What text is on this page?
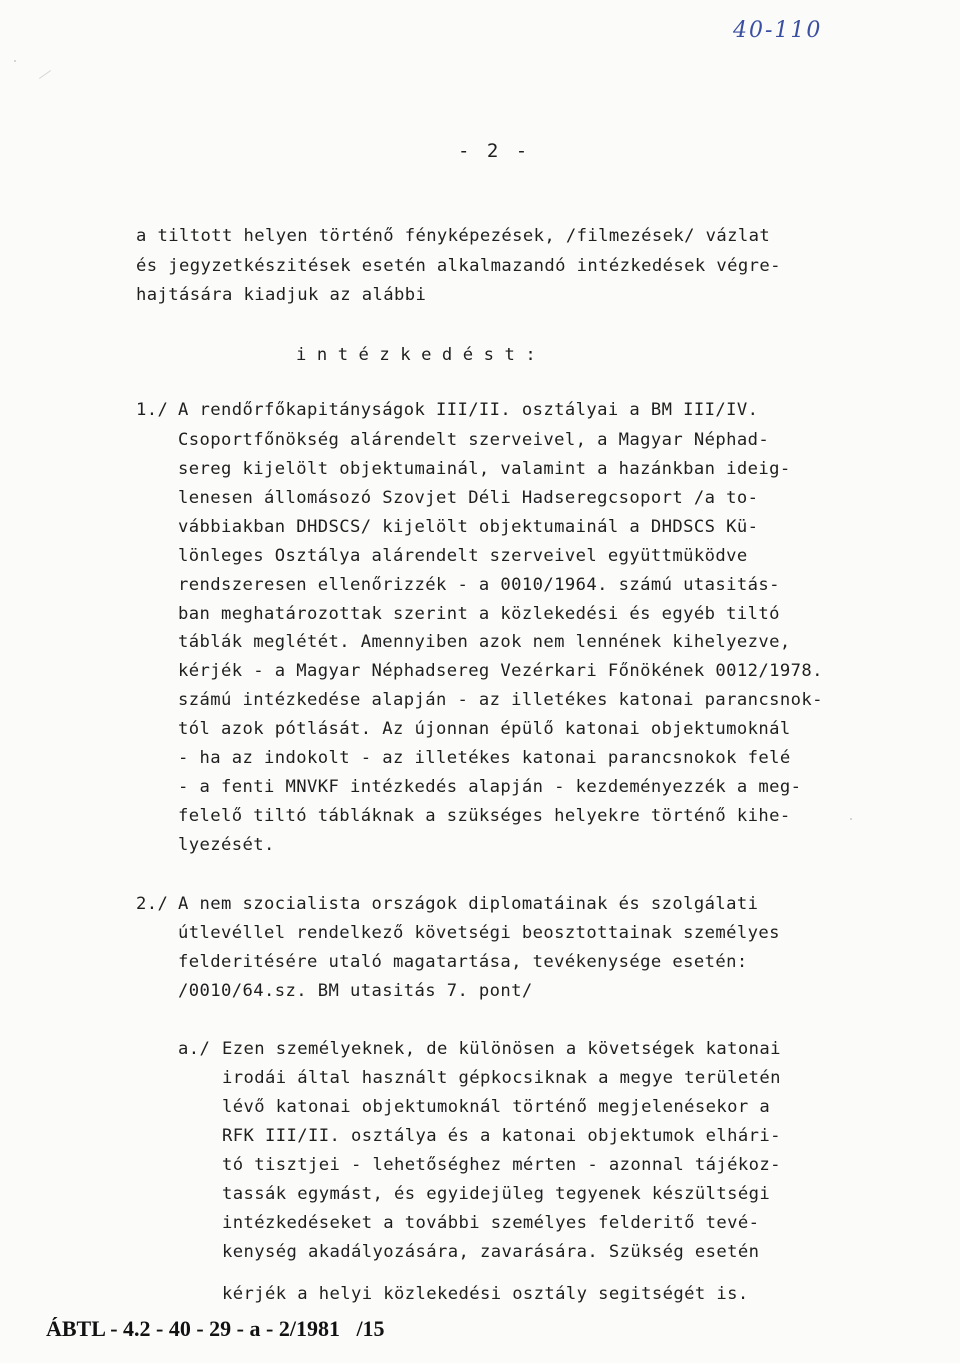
40-110
- 2 -
a tiltott helyen történő fényképezések, /filmezések/ vázlat
és jegyzetkészitések esetén alkalmazandó intézkedések végre-
hajtására kiadjuk az alábbi
intézkedést:
1./ A rendőrfőkapitányságok III/II. osztályai a BM III/IV.
Csoportfőnökség alárendelt szerveivel, a Magyar Néphad-
sereg kijelölt objektumainál, valamint a hazánkban ideig-
lenesen állomásozó Szovjet Déli Hadseregcsoport /a to-
vábbiakban DHDSCS/ kijelölt objektumainál a DHDSCS Kü-
lönleges Osztálya alárendelt szerveivel együttmüködve
rendszeresen ellenőrizzék - a 0010/1964. számú utasitás-
ban meghatározottak szerint a közlekedési és egyéb tiltó
táblák meglétét. Amennyiben azok nem lennének kihelyezve,
kérjék - a Magyar Néphadsereg Vezérkari Főnökének 0012/1978.
számú intézkedése alapján - az illetékes katonai parancsnok-
tól azok pótlását. Az újonnan épülő katonai objektumoknál
- ha az indokolt - az illetékes katonai parancsnokok felé
- a fenti MNVKF intézkedés alapján - kezdeményezzék a meg-
felelő tiltó tábláknak a szükséges helyekre történő kihe-
lyezését.
2./ A nem szocialista országok diplomatáinak és szolgálati
útlevéllel rendelkező követségi beosztottainak személyes
felderitésére utaló magatartása, tevékenysége esetén:
/0010/64.sz. BM utasitás 7. pont/
a./ Ezen személyeknek, de különösen a követségek katonai
irodái által használt gépkocsiknak a megye területén
lévő katonai objektumoknál történő megjelenésekor a
RFK III/II. osztálya és a katonai objektumok elhári-
tó tisztjei - lehetőséghez mérten - azonnal tájékoz-
tassák egymást, és egyidejüleg tegyenek készültségi
intézkedéseket a további személyes felderitő tevé-
kenység akadályozására, zavarására. Szükség esetén
kérjék a helyi közlekedési osztály segitségét is.
ÁBTL - 4.2 - 40 - 29 - a - 2/1981   /15
